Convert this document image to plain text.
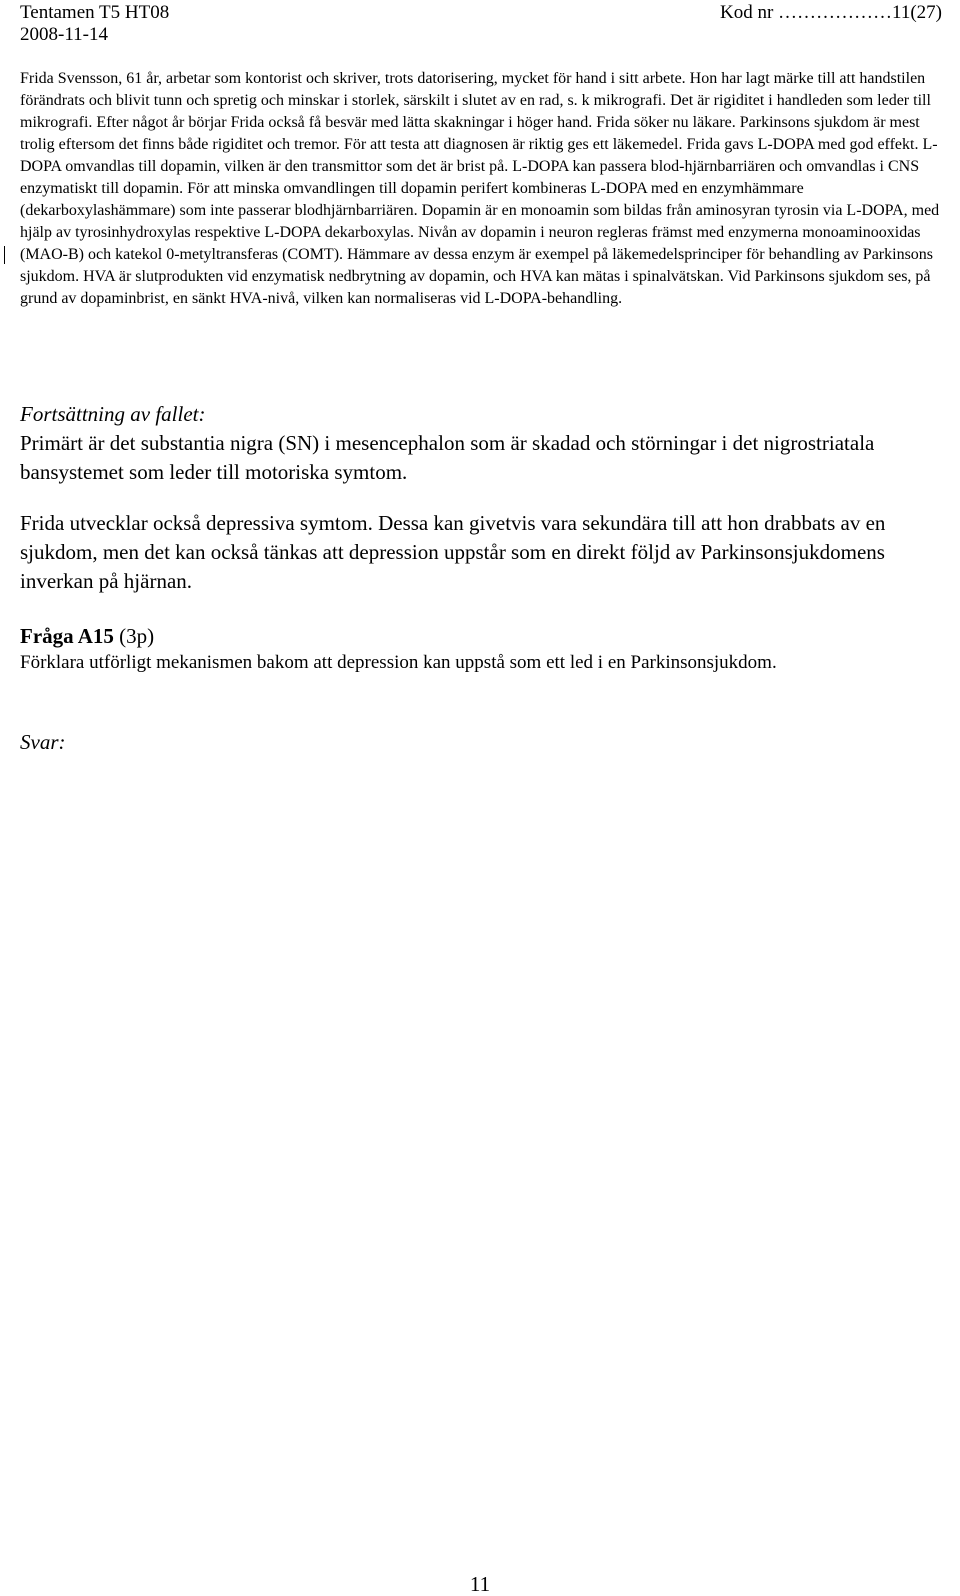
Tentamen T5 HT08
2008-11-14
Kod nr ………………11(27)

Frida Svensson, 61 år, arbetar som kontorist och skriver, trots datorisering, mycket för hand i sitt arbete. Hon har lagt märke till att handstilen förändrats och blivit tunn och spretig och minskar i storlek, särskilt i slutet av en rad, s. k mikrografi. Det är rigiditet i handleden som leder till mikrografi. Efter något år börjar Frida också få besvär med lätta skakningar i höger hand. Frida söker nu läkare. Parkinsons sjukdom är mest trolig eftersom det finns både rigiditet och tremor. För att testa att diagnosen är riktig ges ett läkemedel. Frida gavs L-DOPA med god effekt. L-DOPA omvandlas till dopamin, vilken är den transmittor som det är brist på. L-DOPA kan passera blod-hjärnbarriären och omvandlas i CNS enzymatiskt till dopamin. För att minska omvandlingen till dopamin perifert kombineras L-DOPA med en enzymhämmare (dekarboxylashämmare) som inte passerar blodhjärnbarriären. Dopamin är en monoamin som bildas från aminosyran tyrosin via L-DOPA, med hjälp av tyrosinhydroxylas respektive L-DOPA dekarboxylas. Nivån av dopamin i neuron regleras främst med enzymerna monoaminooxidas (MAO-B) och katekol 0-metyltransferas (COMT). Hämmare av dessa enzym är exempel på läkemedelsprinciper för behandling av Parkinsons sjukdom. HVA är slutprodukten vid enzymatisk nedbrytning av dopamin, och HVA kan mätas i spinalvätskan. Vid Parkinsons sjukdom ses, på grund av dopaminbrist, en sänkt HVA-nivå, vilken kan normaliseras vid L-DOPA-behandling.

Fortsättning av fallet:

Primärt är det substantia nigra (SN) i mesencephalon som är skadad och störningar i det nigrostriatala bansystemet som leder till motoriska symtom.

Frida utvecklar också depressiva symtom. Dessa kan givetvis vara sekundära till att hon drabbats av en sjukdom, men det kan också tänkas att depression uppstår som en direkt följd av Parkinsonsjukdomens inverkan på hjärnan.

Fråga A15 (3p)
Förklara utförligt mekanismen bakom att depression kan uppstå som ett led i en Parkinsonsjukdom.
Svar:
11
